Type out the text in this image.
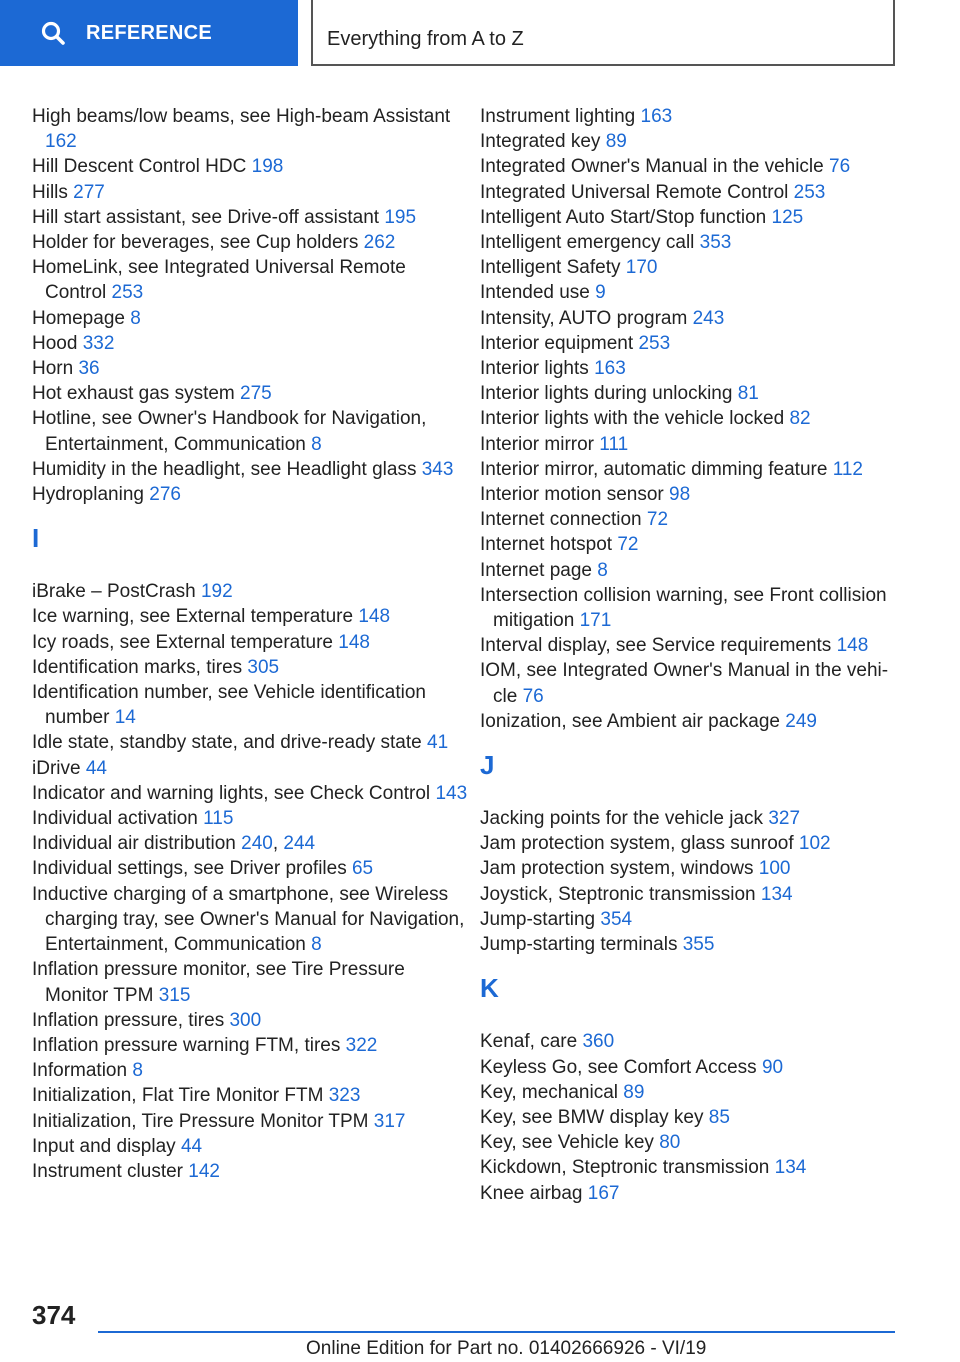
REFERENCE	Everything from A to Z
High beams/low beams, see High-beam Assistant 162
Hill Descent Control HDC 198
Hills 277
Hill start assistant, see Drive-off assistant 195
Holder for beverages, see Cup holders 262
HomeLink, see Integrated Universal Remote Control 253
Homepage 8
Hood 332
Horn 36
Hot exhaust gas system 275
Hotline, see Owner's Handbook for Navigation, Entertainment, Communication 8
Humidity in the headlight, see Headlight glass 343
Hydroplaning 276
I
iBrake – PostCrash 192
Ice warning, see External temperature 148
Icy roads, see External temperature 148
Identification marks, tires 305
Identification number, see Vehicle identification number 14
Idle state, standby state, and drive-ready state 41
iDrive 44
Indicator and warning lights, see Check Control 143
Individual activation 115
Individual air distribution 240, 244
Individual settings, see Driver profiles 65
Inductive charging of a smartphone, see Wireless charging tray, see Owner's Manual for Navigation, Entertainment, Communication 8
Inflation pressure monitor, see Tire Pressure Monitor TPM 315
Inflation pressure, tires 300
Inflation pressure warning FTM, tires 322
Information 8
Initialization, Flat Tire Monitor FTM 323
Initialization, Tire Pressure Monitor TPM 317
Input and display 44
Instrument cluster 142
Instrument lighting 163
Integrated key 89
Integrated Owner's Manual in the vehicle 76
Integrated Universal Remote Control 253
Intelligent Auto Start/Stop function 125
Intelligent emergency call 353
Intelligent Safety 170
Intended use 9
Intensity, AUTO program 243
Interior equipment 253
Interior lights 163
Interior lights during unlocking 81
Interior lights with the vehicle locked 82
Interior mirror 111
Interior mirror, automatic dimming feature 112
Interior motion sensor 98
Internet connection 72
Internet hotspot 72
Internet page 8
Intersection collision warning, see Front collision mitigation 171
Interval display, see Service requirements 148
IOM, see Integrated Owner's Manual in the vehicle 76
Ionization, see Ambient air package 249
J
Jacking points for the vehicle jack 327
Jam protection system, glass sunroof 102
Jam protection system, windows 100
Joystick, Steptronic transmission 134
Jump-starting 354
Jump-starting terminals 355
K
Kenaf, care 360
Keyless Go, see Comfort Access 90
Key, mechanical 89
Key, see BMW display key 85
Key, see Vehicle key 80
Kickdown, Steptronic transmission 134
Knee airbag 167
374
Online Edition for Part no. 01402666926 - VI/19
